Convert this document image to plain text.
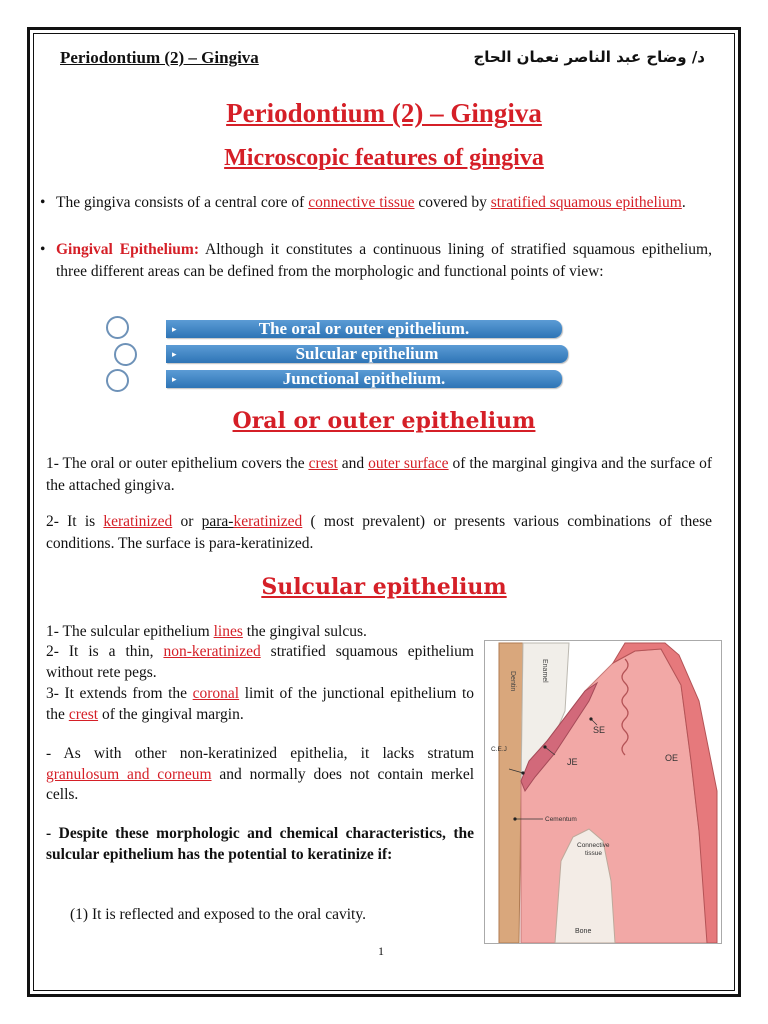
Periodontium (2) – Gingiva	د/ وضاح عبد الناصر نعمان الحاج
Periodontium (2) – Gingiva
Microscopic features of gingiva
• The gingiva consists of a central core of connective tissue covered by stratified squamous epithelium.
• Gingival Epithelium: Although it constitutes a continuous lining of stratified squamous epithelium, three different areas can be defined from the morphologic and functional points of view:
▸	The oral or outer epithelium.
▸	Sulcular epithelium
▸	Junctional epithelium.
Oral or outer epithelium
1- The oral or outer epithelium covers the crest and outer surface of the marginal gingiva and the surface of the attached gingiva.
2- It is keratinized or para-keratinized ( most prevalent) or presents various combinations of these conditions. The surface is para-keratinized.
Sulcular epithelium
1- The sulcular epithelium lines the gingival sulcus.
2- It is a thin, non-keratinized stratified squamous epithelium without rete pegs.
3- It extends from the coronal limit of the junctional epithelium to the crest of the gingival margin.
- As with other non-keratinized epithelia, it lacks stratum granulosum and corneum and normally does not contain merkel cells.
- Despite these morphologic and chemical characteristics, the sulcular epithelium has the potential to keratinize if:
(1) It is reflected and exposed to the oral cavity.
Dentin	Enamel
SE
JE	OE
C.E.J
Cementum
Connective
tissue
Bone
1
